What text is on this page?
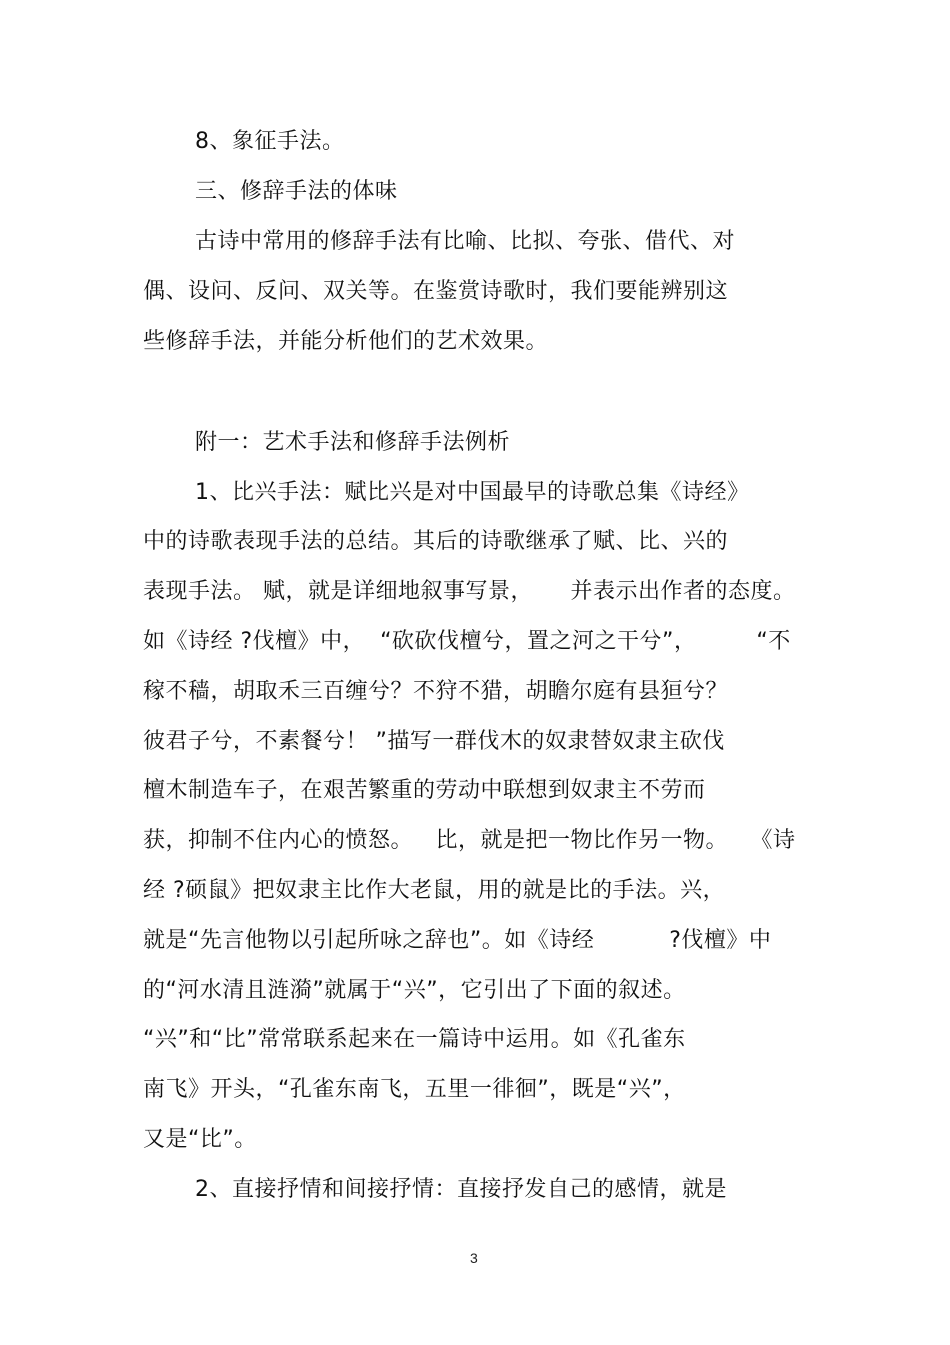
8、象征手法。
三、修辞手法的体味
古诗中常用的修辞手法有比喻、比拟、夸张、借代、对
偶、设问、反问、双关等。在鉴赏诗歌时，我们要能辨别这
些修辞手法，并能分析他们的艺术效果。
附一：艺术手法和修辞手法例析
1、比兴手法：赋比兴是对中国最早的诗歌总集《诗经》
中的诗歌表现手法的总结。其后的诗歌继承了赋、比、兴的
表现手法。 赋，就是详细地叙事写景，     并表示出作者的态度。
如《诗经 ?伐檀》中，  “砍砍伐檀兮，置之河之干兮”，        “不
稼不穑，胡取禾三百缠兮？不狩不猎，胡瞻尔庭有县狟兮？
彼君子兮，不素餐兮！ ”描写一群伐木的奴隶替奴隶主砍伐
檀木制造车子，在艰苦繁重的劳动中联想到奴隶主不劳而
获，抑制不住内心的愤怒。   比，就是把一物比作另一物。   《诗
经 ?硕鼠》把奴隶主比作大老鼠，用的就是比的手法。兴，
就是“先言他物以引起所咏之辞也”。如《诗经          ?伐檀》中
的“河水清且涟漪”就属于“兴”，它引出了下面的叙述。
“兴”和“比”常常联系起来在一篇诗中运用。如《孔雀东
南飞》开头，“孔雀东南飞，五里一徘徊”，既是“兴”，
又是“比”。
2、直接抒情和间接抒情：直接抒发自己的感情，就是
3
